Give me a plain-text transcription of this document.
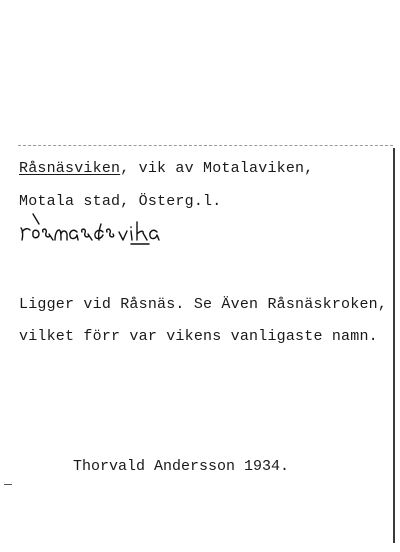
Råsnäsviken, vik av Motalaviken,
Motala stad, Österg.l.
Ligger vid Råsnäs. Se Även Råsnäskroken,
vilket förr var vikens vanligaste namn.
Thorvald Andersson 1934.
